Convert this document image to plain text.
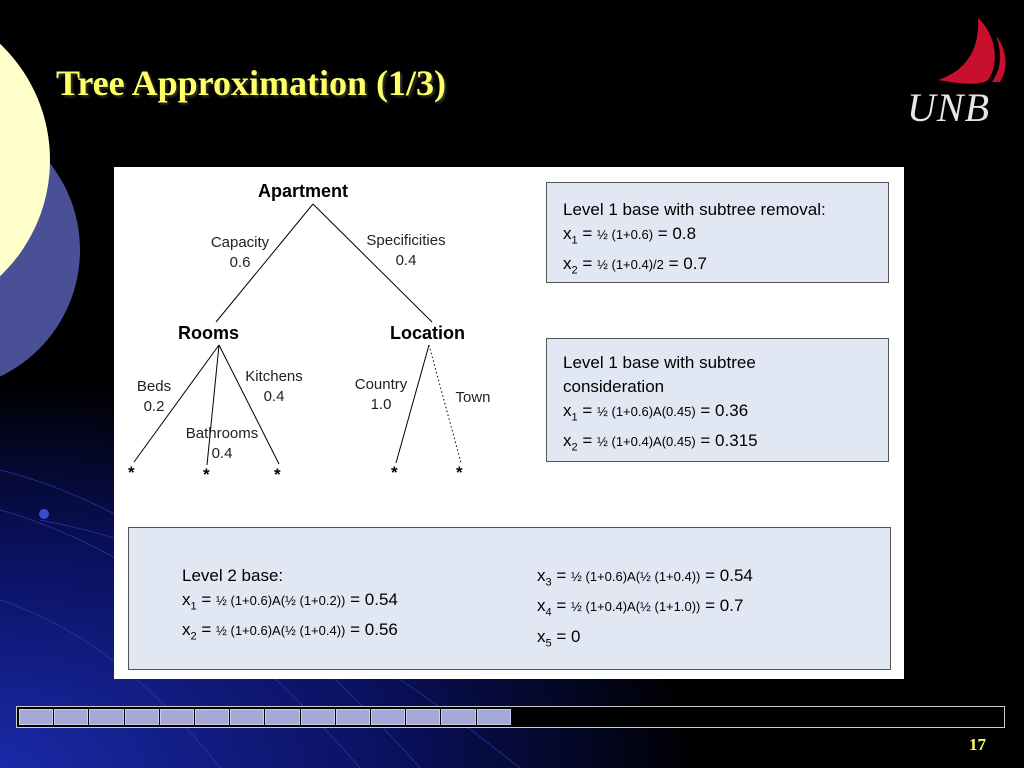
Tree Approximation (1/3)
UNB
Apartment
Capacity
0.6
Specificities
0.4
Rooms	Location
Beds
0.2
Kitchens
0.4
Bathrooms
0.4
Country
1.0	Town
*	*	*	*	*
Level 1 base with subtree removal:
$x_1$ = ½ (1+0.6) = 0.8
$x_2$ = ½ (1+0.4)/2 = 0.7
Level 1 base with subtree
consideration
$x_1$ = ½ (1+0.6)A(0.45) = 0.36
$x_2$ = ½ (1+0.4)A(0.45) = 0.315
Level 2 base:
$x_1$ = ½ (1+0.6)A(½ (1+0.2)) = 0.54
$x_2$ = ½ (1+0.6)A(½ (1+0.4)) = 0.56
$x_3$ = ½ (1+0.6)A(½ (1+0.4)) = 0.54
$x_4$ = ½ (1+0.4)A(½ (1+1.0)) = 0.7
$x_5 = 0$
17
